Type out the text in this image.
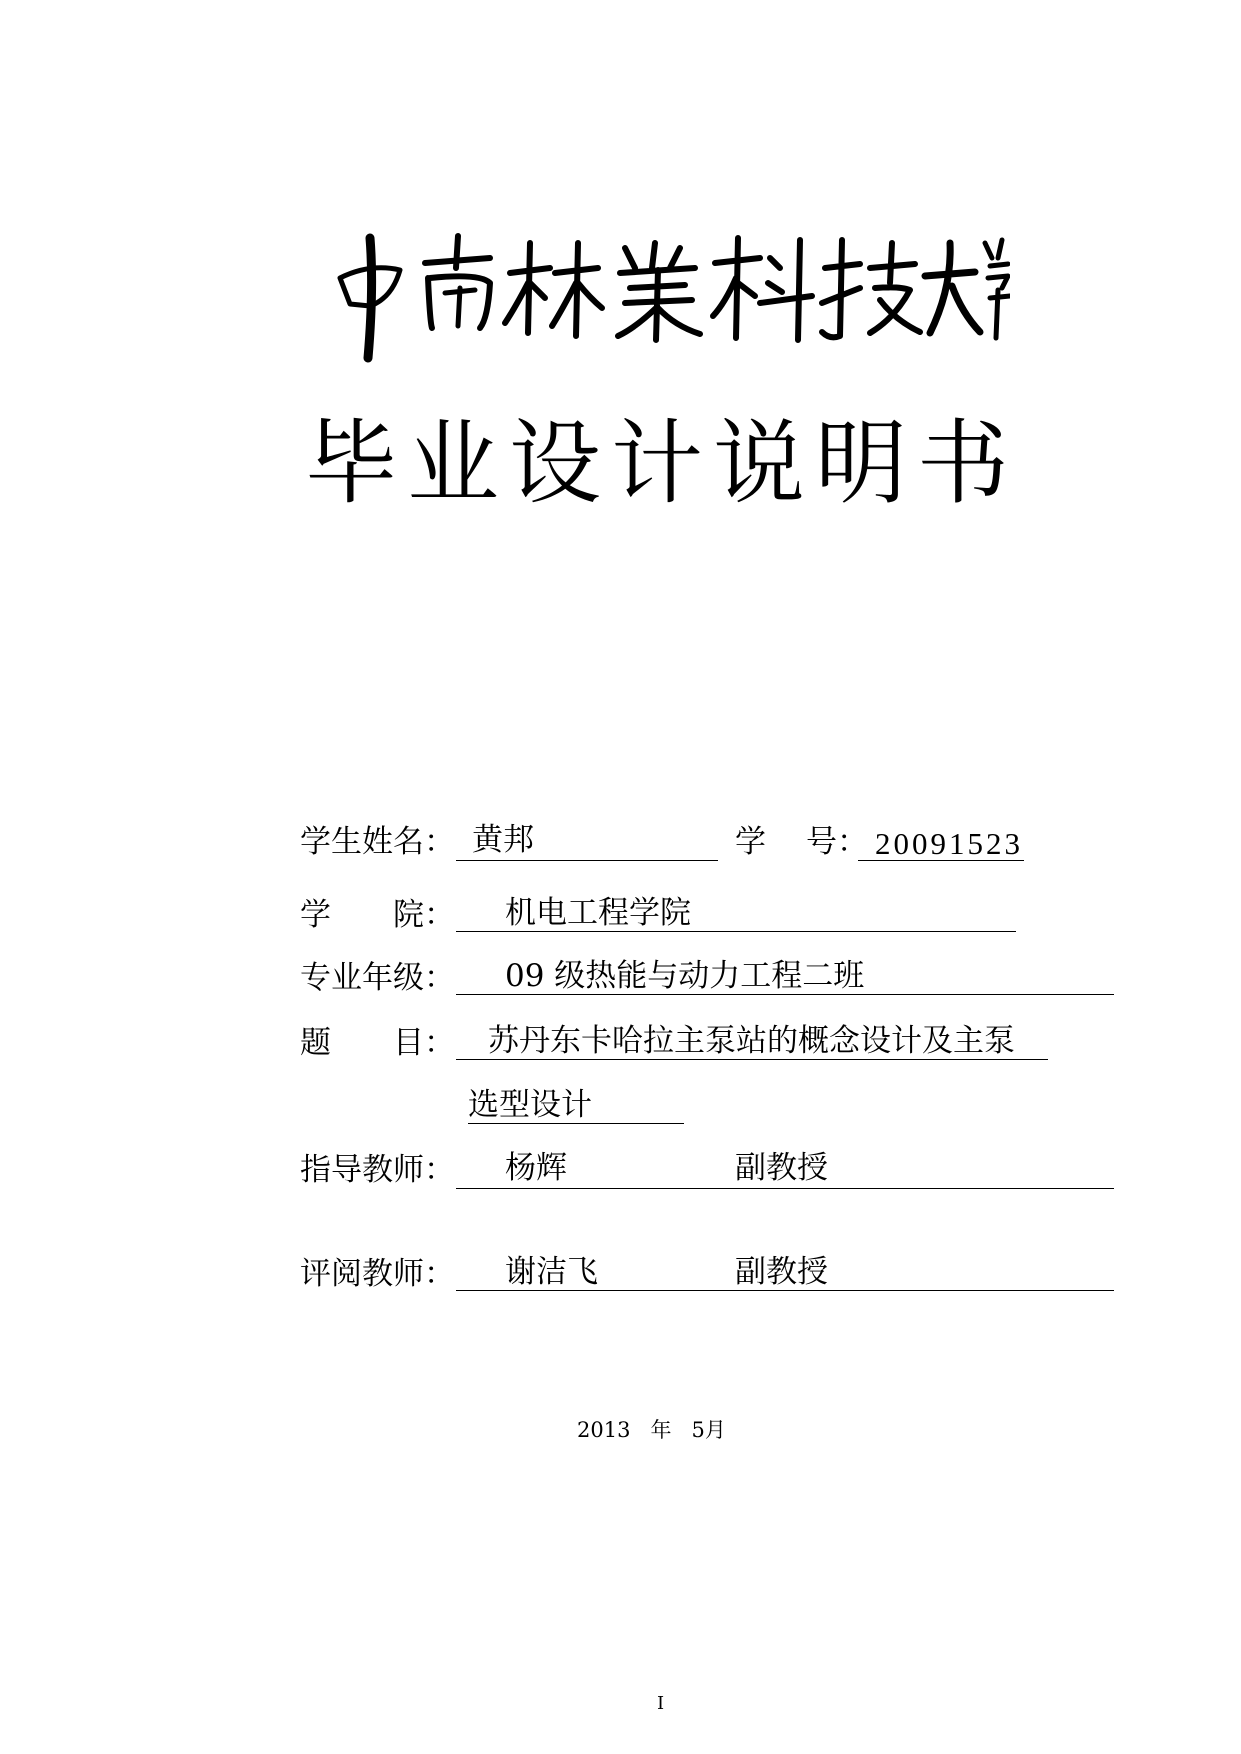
毕业设计说明书
学生姓名： 黄邦	学 号： 20091523
学 院： 机电工程学院
专业年级： 09 级热能与动力工程二班
题 目： 苏丹东卡哈拉主泵站的概念设计及主泵
选型设计
指导教师： 杨辉	副教授
评阅教师： 谢洁飞	副教授
2013 年 5月
I
